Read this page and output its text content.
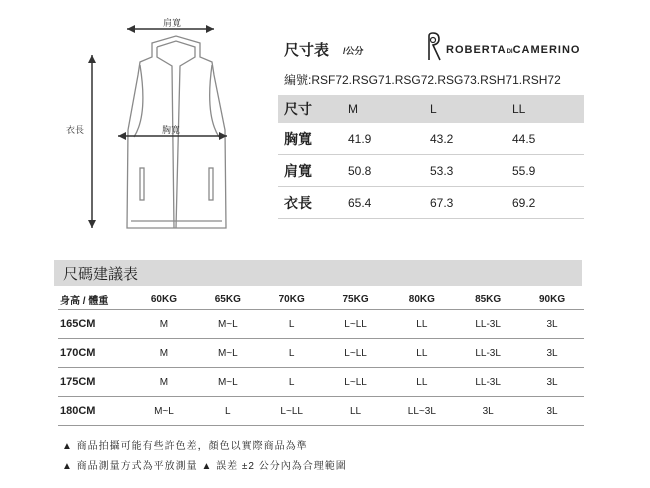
肩寬
胸寬
衣長
尺寸表 /公分	ROBERTADICAMERINO
編號:RSF72.RSG71.RSG72.RSG73.RSH71.RSH72
尺寸	M	L	LL
胸寬	41.9	43.2	44.5
肩寬	50.8	53.3	55.9
衣長	65.4	67.3	69.2
尺碼建議表
身高 / 體重	60KG	65KG	70KG	75KG	80KG	85KG	90KG
165CM	M	M~L	L	L~LL	LL	LL-3L	3L
170CM	M	M~L	L	L~LL	LL	LL-3L	3L
175CM	M	M~L	L	L~LL	LL	LL-3L	3L
180CM	M~L	L	L~LL	LL	LL~3L	3L	3L
▲ 商品拍攝可能有些許色差，顏色以實際商品為準
▲ 商品測量方式為平放測量 ▲ 誤差 ±2 公分內為合理範圍
